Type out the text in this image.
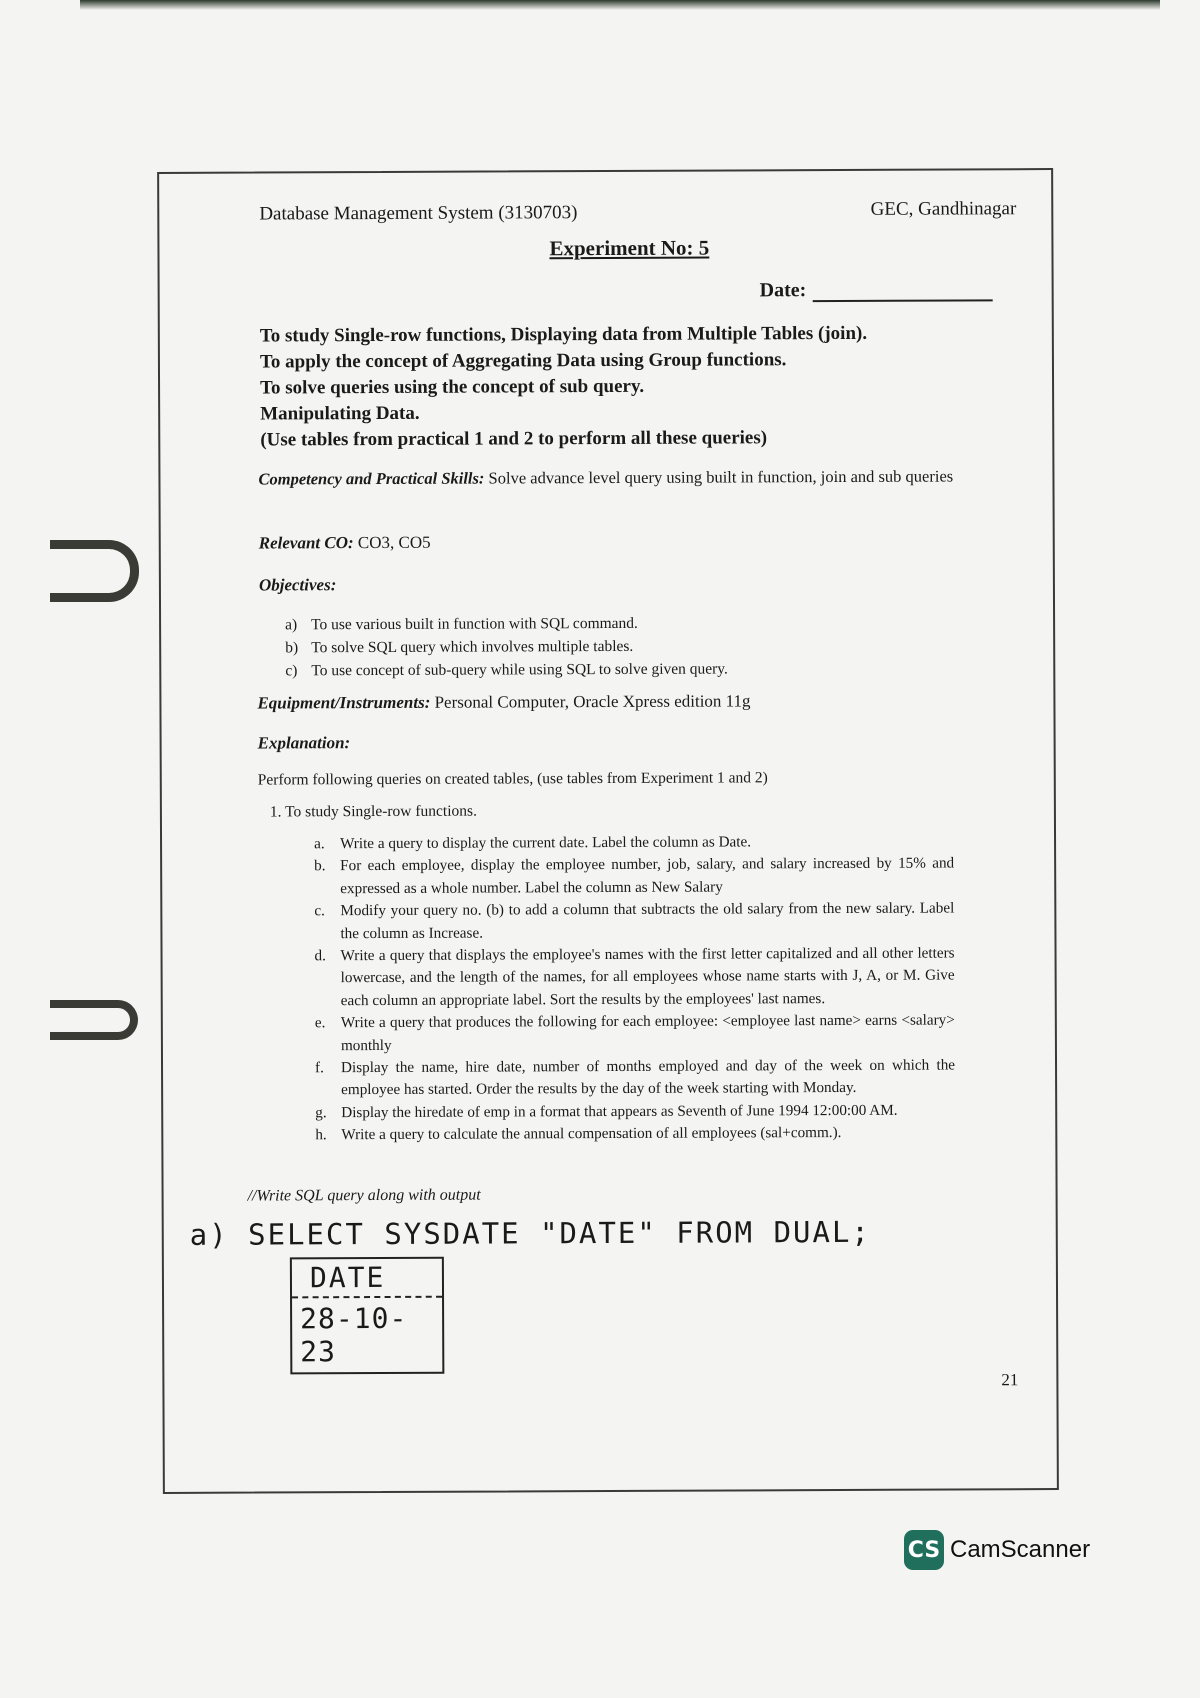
Database Management System (3130703)	GEC, Gandhinagar
Experiment No: 5
Date:
To study Single-row functions, Displaying data from Multiple Tables (join).
To apply the concept of Aggregating Data using Group functions.
To solve queries using the concept of sub query.
Manipulating Data.
(Use tables from practical 1 and 2 to perform all these queries)
Competency and Practical Skills: Solve advance level query using built in function, join and sub queries
Relevant CO: CO3, CO5
Objectives:
a) To use various built in function with SQL command.
b) To solve SQL query which involves multiple tables.
c) To use concept of sub-query while using SQL to solve given query.
Equipment/Instruments: Personal Computer, Oracle Xpress edition 11g
Explanation:
Perform following queries on created tables, (use tables from Experiment 1 and 2)
1. To study Single-row functions.
a. Write a query to display the current date. Label the column as Date.
b. For each employee, display the employee number, job, salary, and salary increased by 15% and expressed as a whole number. Label the column as New Salary
c. Modify your query no. (b) to add a column that subtracts the old salary from the new salary. Label the column as Increase.
d. Write a query that displays the employee's names with the first letter capitalized and all other letters lowercase, and the length of the names, for all employees whose name starts with J, A, or M. Give each column an appropriate label. Sort the results by the employees' last names.
e. Write a query that produces the following for each employee: <employee last name> earns <salary> monthly
f. Display the name, hire date, number of months employed and day of the week on which the employee has started. Order the results by the day of the week starting with Monday.
g. Display the hiredate of emp in a format that appears as Seventh of June 1994 12:00:00 AM.
h. Write a query to calculate the annual compensation of all employees (sal+comm.).
//Write SQL query along with output
a) SELECT SYSDATE "DATE" FROM DUAL;
DATE
28-10-23
21
CS CamScanner
